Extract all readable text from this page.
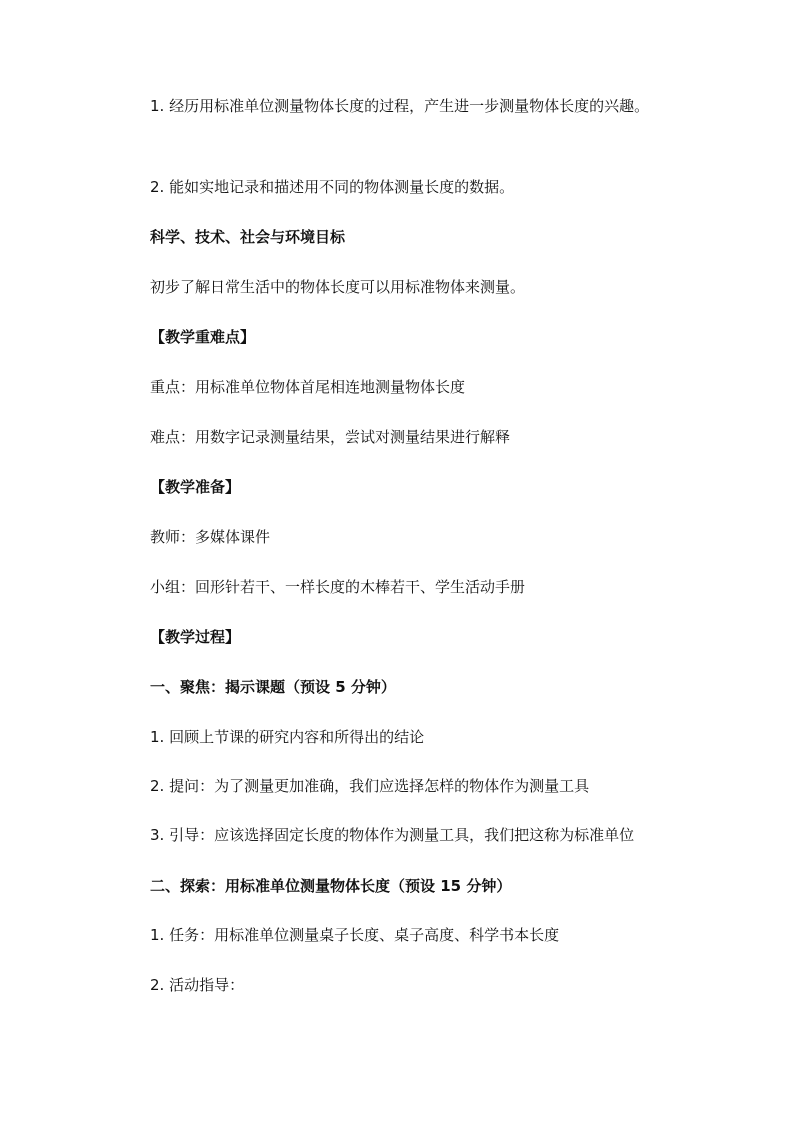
1. 经历用标准单位测量物体长度的过程，产生进一步测量物体长度的兴趣。

2. 能如实地记录和描述用不同的物体测量长度的数据。

科学、技术、社会与环境目标

初步了解日常生活中的物体长度可以用标准物体来测量。

【教学重难点】

重点：用标准单位物体首尾相连地测量物体长度

难点：用数字记录测量结果，尝试对测量结果进行解释

【教学准备】

教师：多媒体课件

小组：回形针若干、一样长度的木棒若干、学生活动手册

【教学过程】

一、聚焦：揭示课题（预设 5 分钟）

1. 回顾上节课的研究内容和所得出的结论

2. 提问：为了测量更加准确，我们应选择怎样的物体作为测量工具

3. 引导：应该选择固定长度的物体作为测量工具，我们把这称为标准单位

二、探索：用标准单位测量物体长度（预设 15 分钟）

1. 任务：用标准单位测量桌子长度、桌子高度、科学书本长度

2. 活动指导：
